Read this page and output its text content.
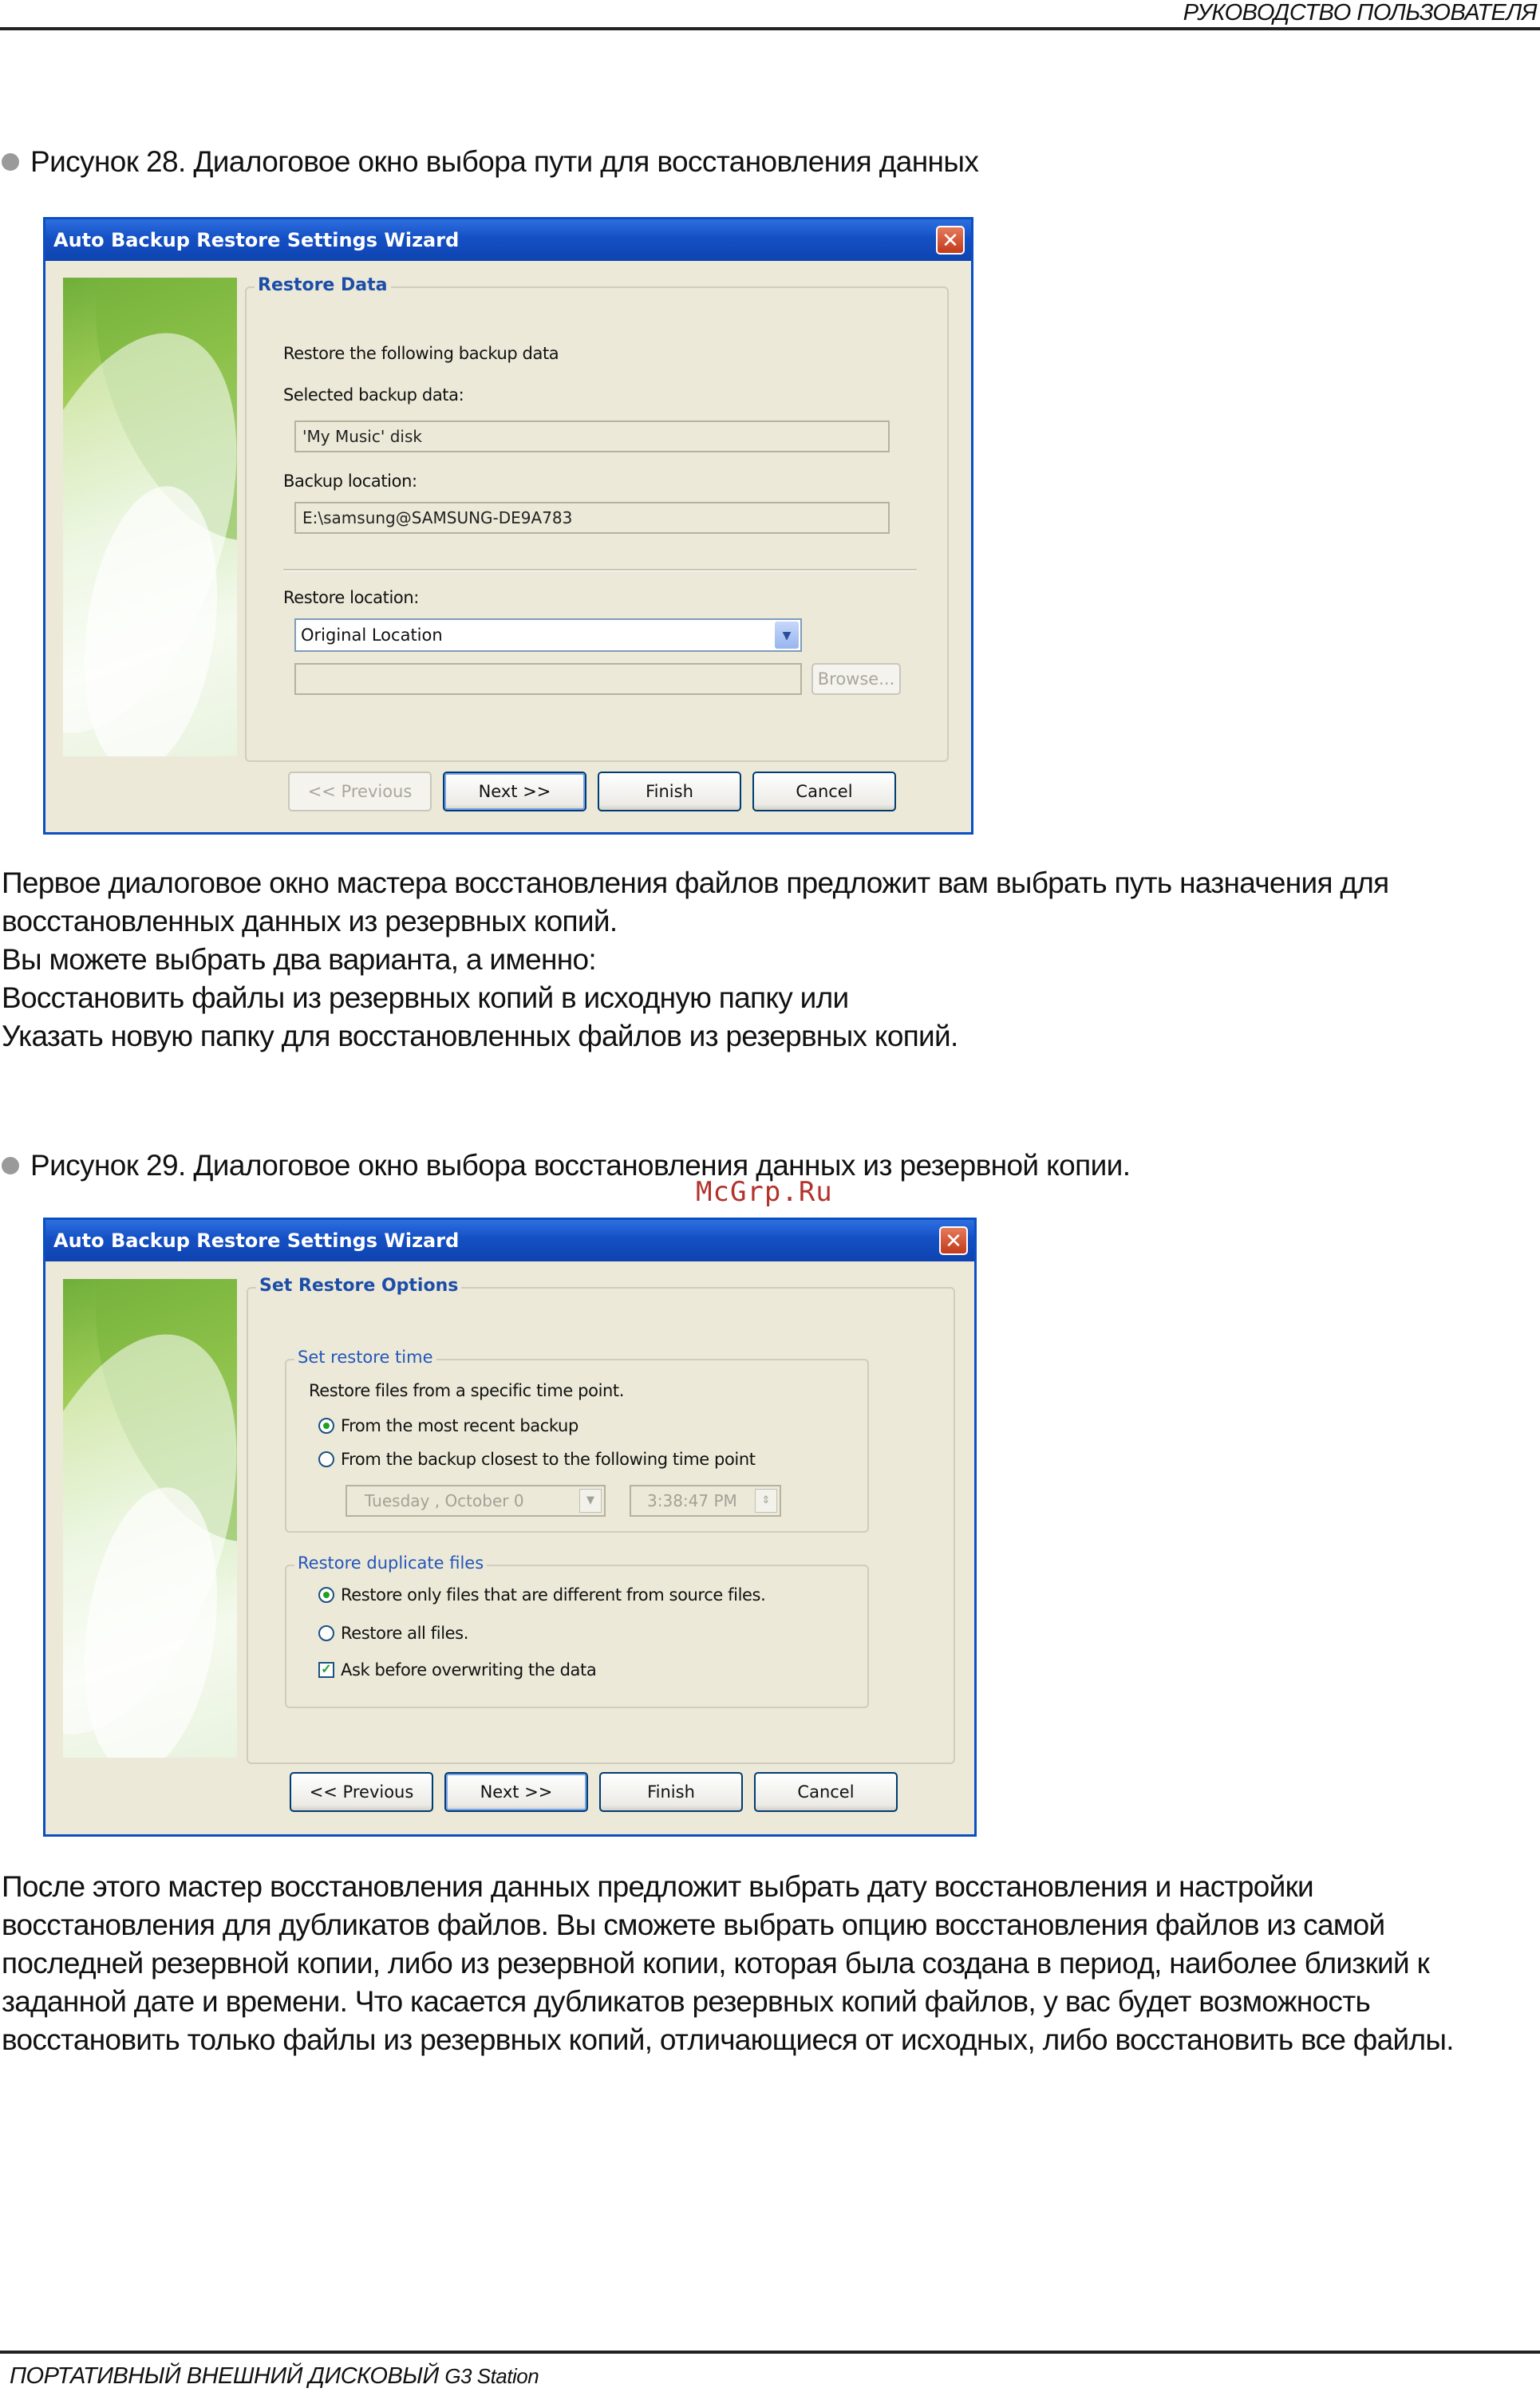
РУКОВОДСТВО ПОЛЬЗОВАТЕЛЯ
Рисунок 28. Диалоговое окно выбора пути для восстановления данных
Auto Backup Restore Settings Wizard	✕
Restore Data
Restore the following backup data
Selected backup data:
'My Music' disk
Backup location:
E:\samsung@SAMSUNG-DE9A783
Restore location:
Original Location	▼
Browse...
<< Previous	Next >>	Finish	Cancel
Первое диалоговое окно мастера восстановления файлов предложит вам выбрать путь назначения для
восстановленных данных из резервных копий.
Вы можете выбрать два варианта, а именно:
Восстановить файлы из резервных копий в исходную папку или
Указать новую папку для восстановленных файлов из резервных копий.
Рисунок 29. Диалоговое окно выбора восстановления данных из резервной копии.
McGrp.Ru
Auto Backup Restore Settings Wizard	✕
Set Restore Options
Set restore time
Restore files from a specific time point.
From the most recent backup
From the backup closest to the following time point
Tuesday , October 0	▼	3:38:47 PM	⇕
Restore duplicate files
Restore only files that are different from source files.
Restore all files.
✓ Ask before overwriting the data
<< Previous	Next >>	Finish	Cancel
После этого мастер восстановления данных предложит выбрать дату восстановления и настройки
восстановления для дубликатов файлов. Вы сможете выбрать опцию восстановления файлов из самой
последней резервной копии, либо из резервной копии, которая была создана в период, наиболее близкий к
заданной дате и времени. Что касается дубликатов резервных копий файлов, у вас будет возможность
восстановить только файлы из резервных копий, отличающиеся от исходных, либо восстановить все файлы.
ПОРТАТИВНЫЙ ВНЕШНИЙ ДИСКОВЫЙ G3 Station
